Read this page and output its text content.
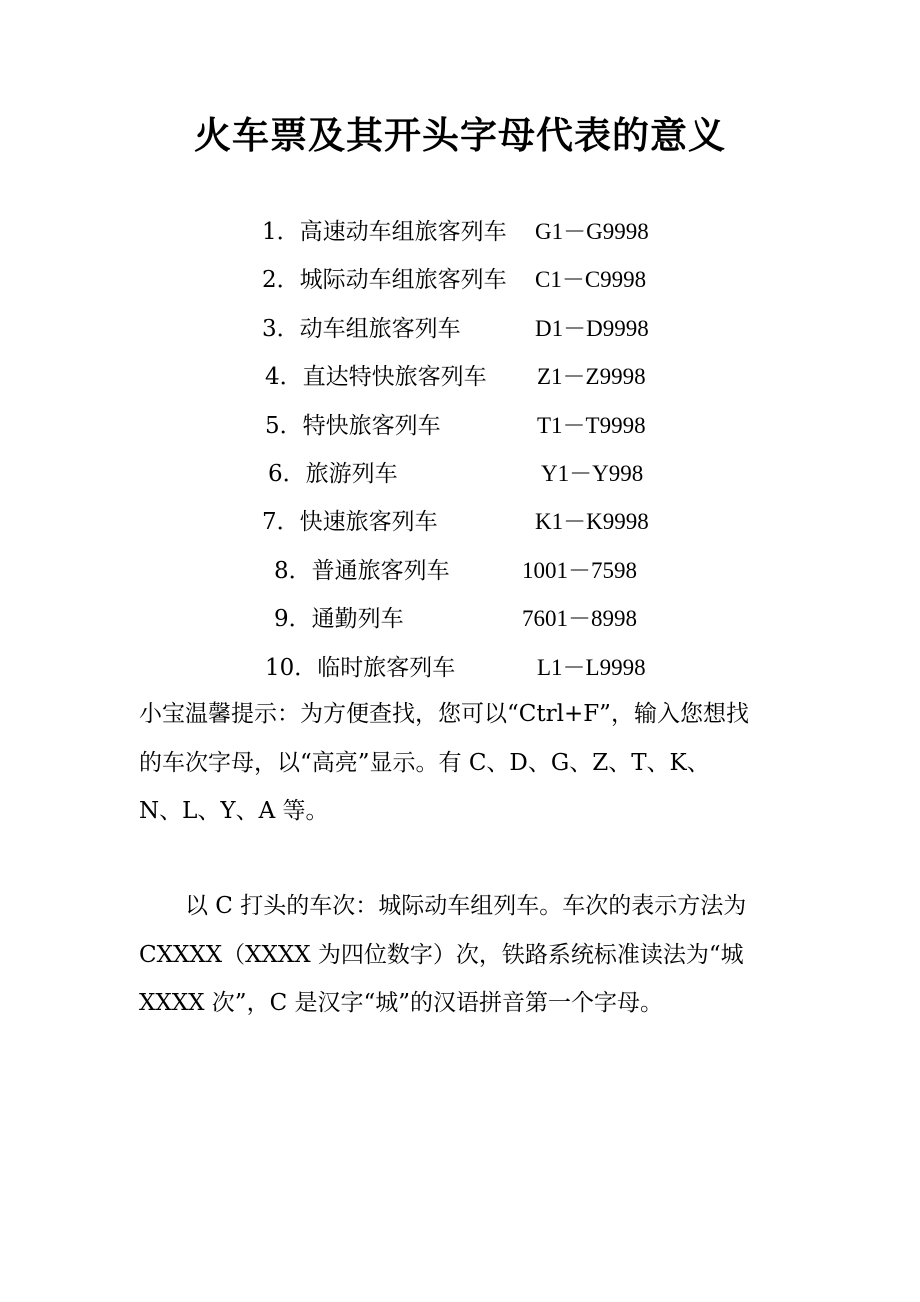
火车票及其开头字母代表的意义
1．高速动车组旅客列车 G1－G9998
2．城际动车组旅客列车 C1－C9998
3．动车组旅客列车	D1－D9998
4．直达特快旅客列车 Z1－Z9998
5．特快旅客列车	T1－T9998
6．旅游列车	Y1－Y998
7．快速旅客列车	K1－K9998
8．普通旅客列车	1001－7598
9．通勤列车	7601－8998
10．临时旅客列车	L1－L9998
小宝温馨提示：为方便查找，您可以“Ctrl+F”，输入您想找
的车次字母，以“高亮”显示。有 C、D、G、Z、T、K、
N、L、Y、A 等。
　　以 C 打头的车次：城际动车组列车。车次的表示方法为
CXXXX（XXXX 为四位数字）次，铁路系统标准读法为“城
XXXX 次”，C 是汉字“城”的汉语拼音第一个字母。
